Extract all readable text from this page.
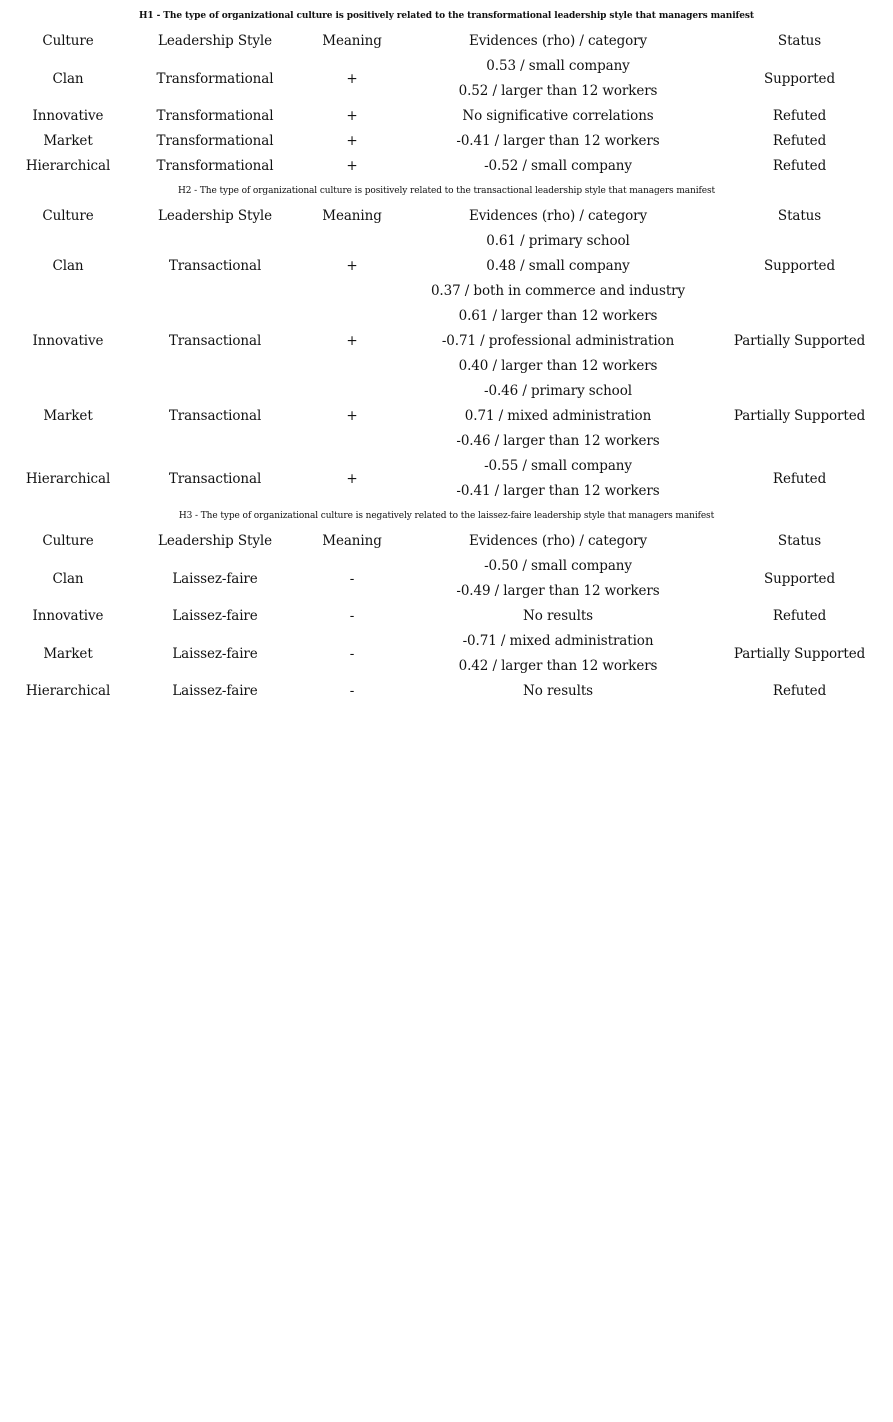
H1 - The type of organizational culture is positively related to the transformational leadership style that managers manifest				
Culture	Leadership Style	Meaning	Evidences (rho) / category	Status
Clan	Transformational	+	0.53 / small company
0.52 / larger than 12 workers	Supported
Innovative	Transformational	+	No significative correlations	Refuted
Market	Transformational	+	-0.41 / larger than 12 workers	Refuted
Hierarchical	Transformational	+	-0.52 / small company	Refuted
H2 - The type of organizational culture is positively related to the transactional leadership style that managers manifest				
Culture	Leadership Style	Meaning	Evidences (rho) / category	Status
Clan	Transactional	+	0.61 / primary school
0.48 / small company
0.37 / both in commerce and industry	Supported
Innovative	Transactional	+	0.61 / larger than 12 workers
-0.71 / professional administration
0.40 / larger than 12 workers	Partially Supported
Market	Transactional	+	-0.46 / primary school
0.71 / mixed administration
-0.46 / larger than 12 workers	Partially Supported
Hierarchical	Transactional	+	-0.55 / small company
-0.41 / larger than 12 workers	Refuted
H3 - The type of organizational culture is negatively related to the laissez-faire leadership style that managers manifest				
Culture	Leadership Style	Meaning	Evidences (rho) / category	Status
Clan	Laissez-faire	-	-0.50 / small company
-0.49 / larger than 12 workers	Supported
Innovative	Laissez-faire	-	No results	Refuted
Market	Laissez-faire	-	-0.71 / mixed administration
0.42 / larger than 12 workers	Partially Supported
Hierarchical	Laissez-faire	-	No results	Refuted
